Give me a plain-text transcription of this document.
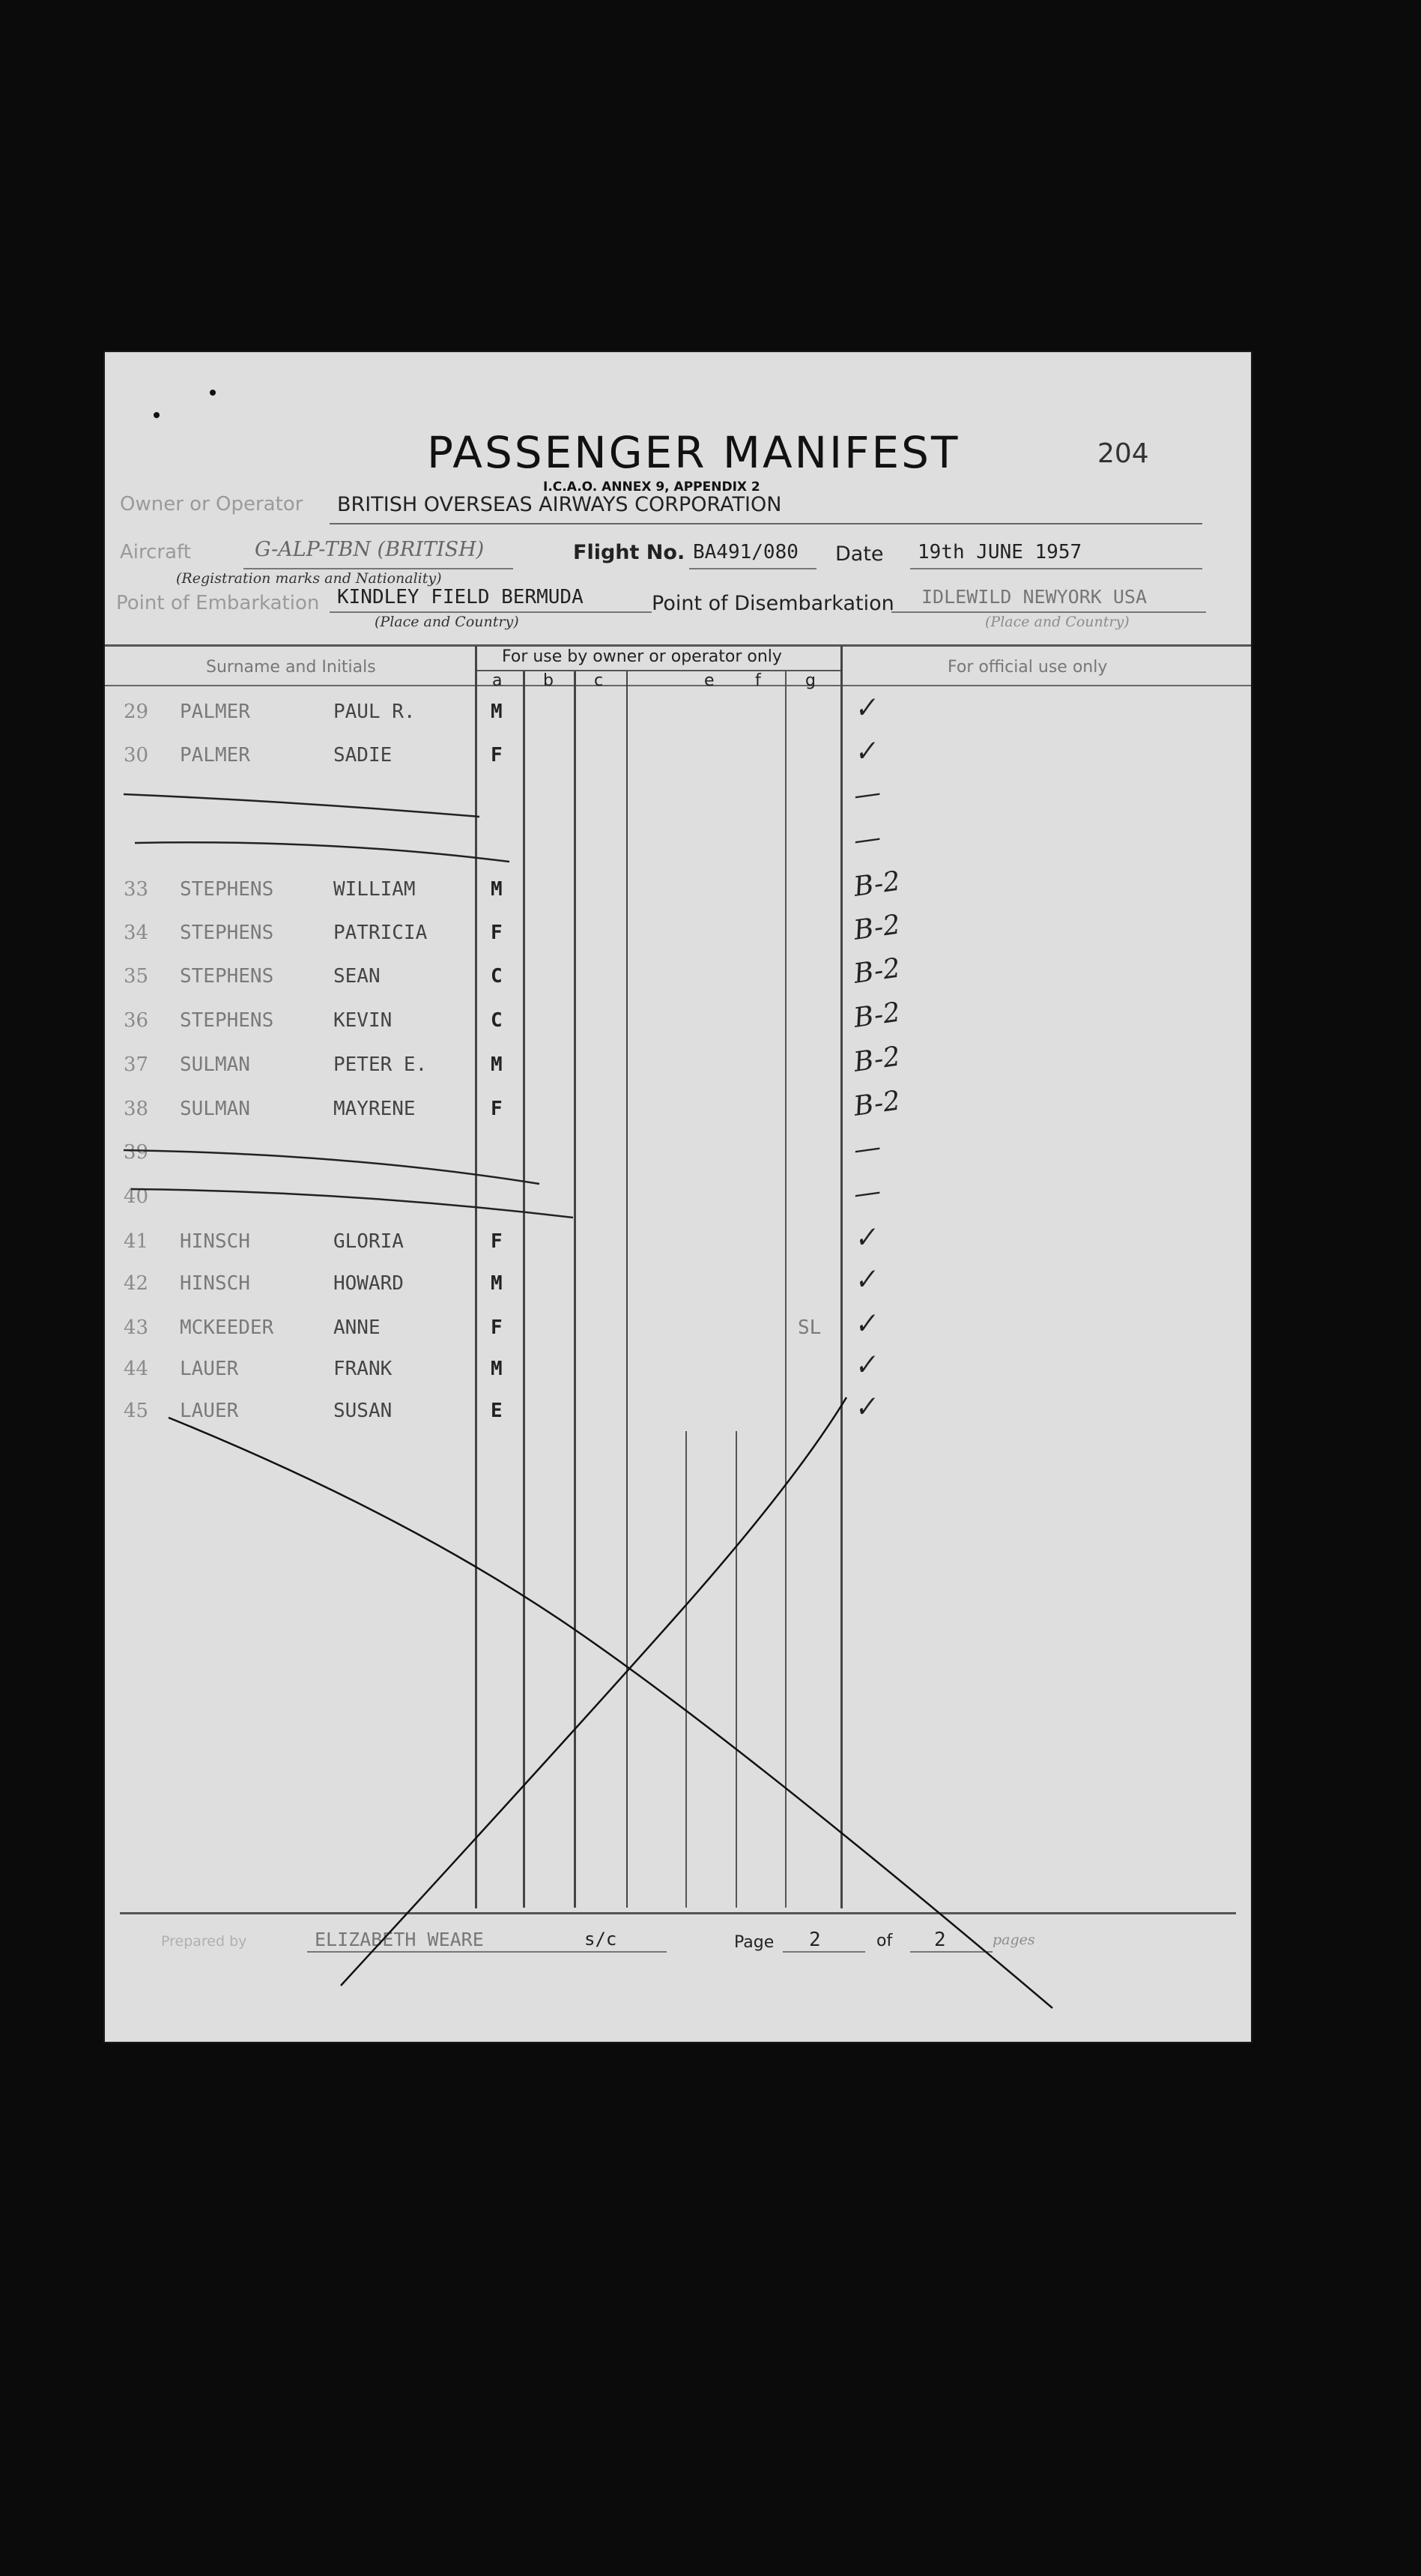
204
PASSENGER MANIFEST
I.C.A.O. ANNEX 9, APPENDIX 2
Owner or Operator BRITISH OVERSEAS AIRWAYS CORPORATION
Aircraft	G-ALP-TBN (BRITISH)
(Registration marks and Nationality)
Flight No. BA491/080 Date 19th JUNE 1957
Point of Embarkation KINDLEY FIELD BERMUDA
(Place and Country)
Point of Disembarkation IDLEWILD NEWYORK USA
(Place and Country)
Surname and Initials
For use by owner or operator only
For official use only
a b c	e f	g
29 PALMER	PAUL R.	M	✓
30 PALMER	SADIE	F	✓
—
—
33 STEPHENS	WILLIAM	M	B-2
34 STEPHENS	PATRICIA	F	B-2
35 STEPHENS	SEAN	C	B-2
36 STEPHENS	KEVIN	C	B-2
37 SULMAN	PETER E.	M	B-2
38 SULMAN	MAYRENE	F	B-2
39	—
40	—
41 HINSCH	GLORIA	F	✓
42 HINSCH	HOWARD	M	✓
43 MCKEEDER	ANNE	F	SL ✓
44 LAUER	FRANK	M	✓
45 LAUER	SUSAN	E	✓
Prepared by	ELIZABETH WEARE	s/c	Page 2	of 2	pages
